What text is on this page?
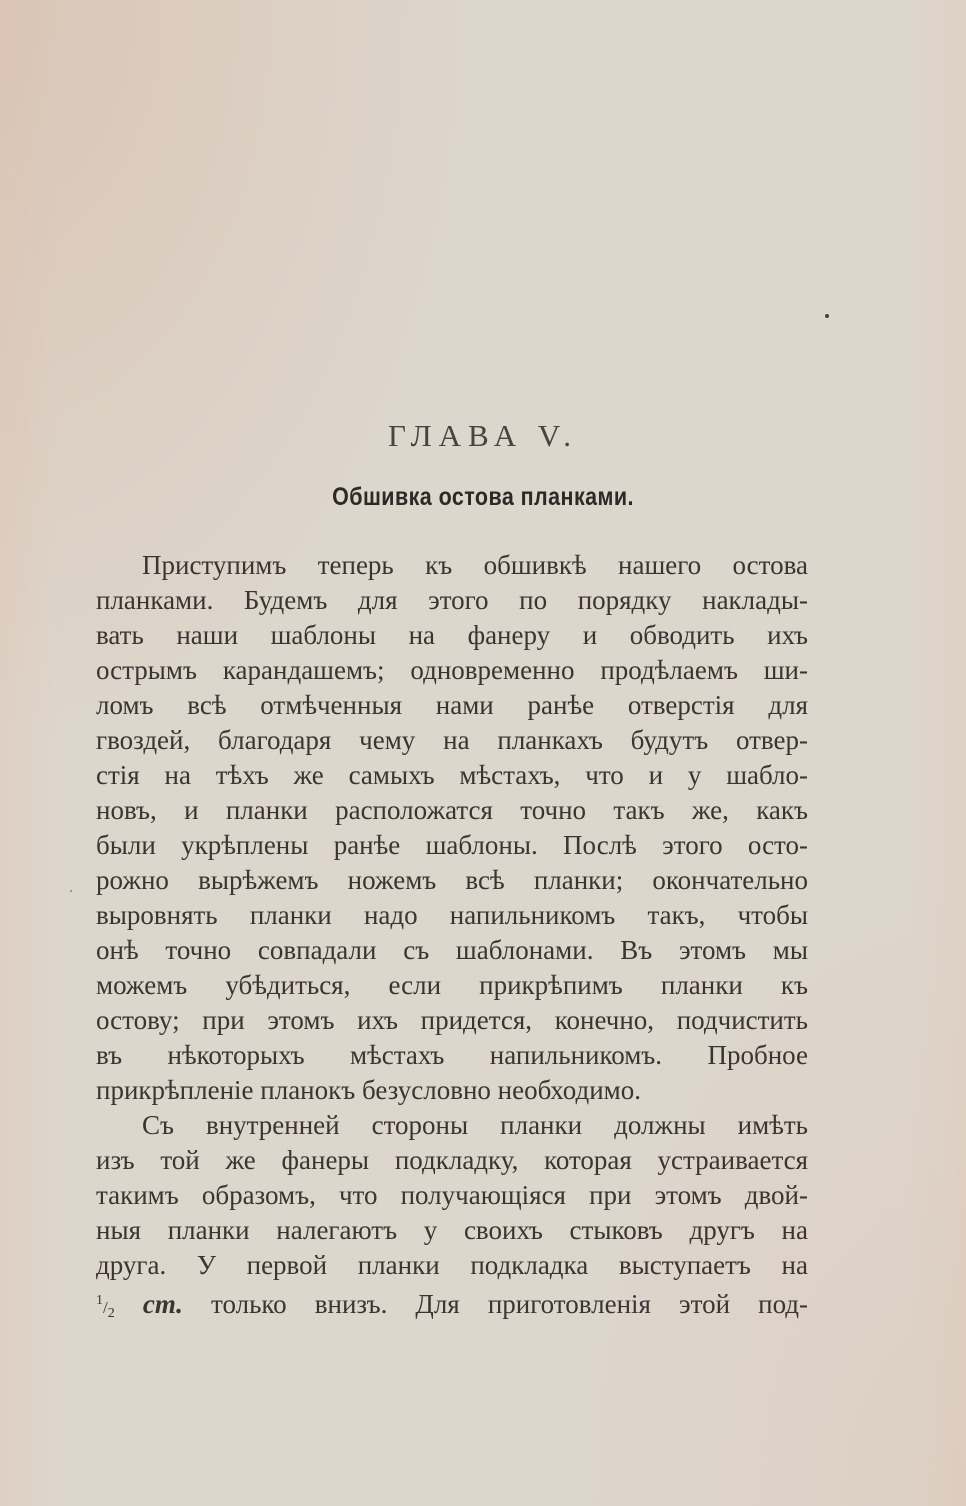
ГЛАВА V.
Обшивка остова планками.
Приступимъ теперь къ обшивкѣ нашего остова
планками. Будемъ для этого по порядку наклады-
вать наши шаблоны на фанеру и обводить ихъ
острымъ карандашемъ; одновременно продѣлаемъ ши-
ломъ всѣ отмѣченныя нами ранѣе отверстія для
гвоздей, благодаря чему на планкахъ будутъ отвер-
стія на тѣхъ же самыхъ мѣстахъ, что и у шабло-
новъ, и планки расположатся точно такъ же, какъ
были укрѣплены ранѣе шаблоны. Послѣ этого осто-
рожно вырѣжемъ ножемъ всѣ планки; окончательно
выровнять планки надо напильникомъ такъ, чтобы
онѣ точно совпадали съ шаблонами. Въ этомъ мы
можемъ убѣдиться, если прикрѣпимъ планки къ
остову; при этомъ ихъ придется, конечно, подчистить
въ нѣкоторыхъ мѣстахъ напильникомъ. Пробное
прикрѣпленіе планокъ безусловно необходимо.
Съ внутренней стороны планки должны имѣть
изъ той же фанеры подкладку, которая устраивается
такимъ образомъ, что получающіяся при этомъ двой-
ныя планки налегаютъ у своихъ стыковъ другъ на
друга. У первой планки подкладка выступаетъ на
$^1/_2$ ст. только внизъ. Для приготовленія этой под-
